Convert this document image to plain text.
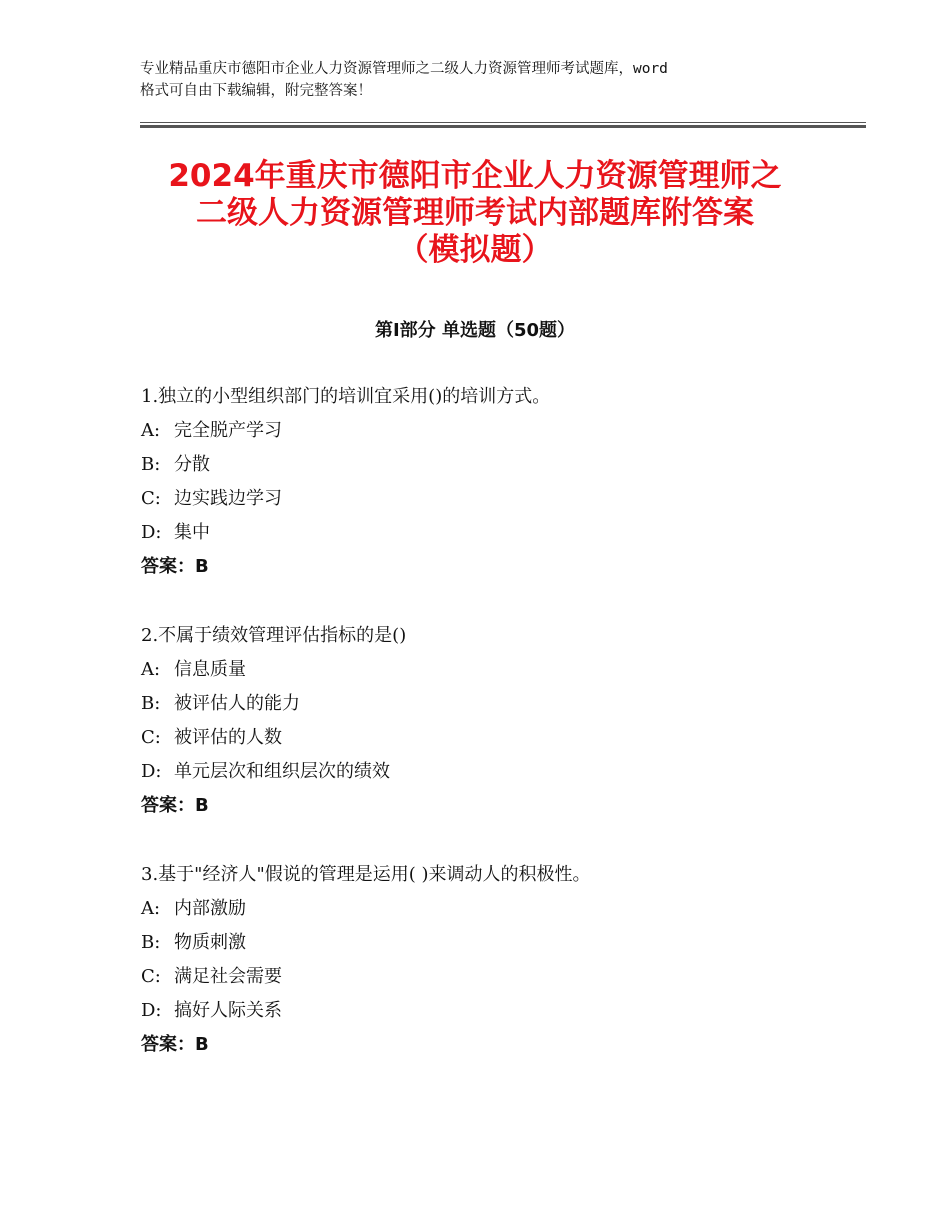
专业精品重庆市德阳市企业人力资源管理师之二级人力资源管理师考试题库，word
格式可自由下载编辑，附完整答案！
2024年重庆市德阳市企业人力资源管理师之
二级人力资源管理师考试内部题库附答案
（模拟题）
第Ⅰ部分 单选题（50题）
1.独立的小型组织部门的培训宜采用()的培训方式。
A: 完全脱产学习
B: 分散
C: 边实践边学习
D: 集中
答案：B
2.不属于绩效管理评估指标的是()
A: 信息质量
B: 被评估人的能力
C: 被评估的人数
D: 单元层次和组织层次的绩效
答案：B
3.基于"经济人"假说的管理是运用( )来调动人的积极性。
A: 内部激励
B: 物质刺激
C: 满足社会需要
D: 搞好人际关系
答案：B
